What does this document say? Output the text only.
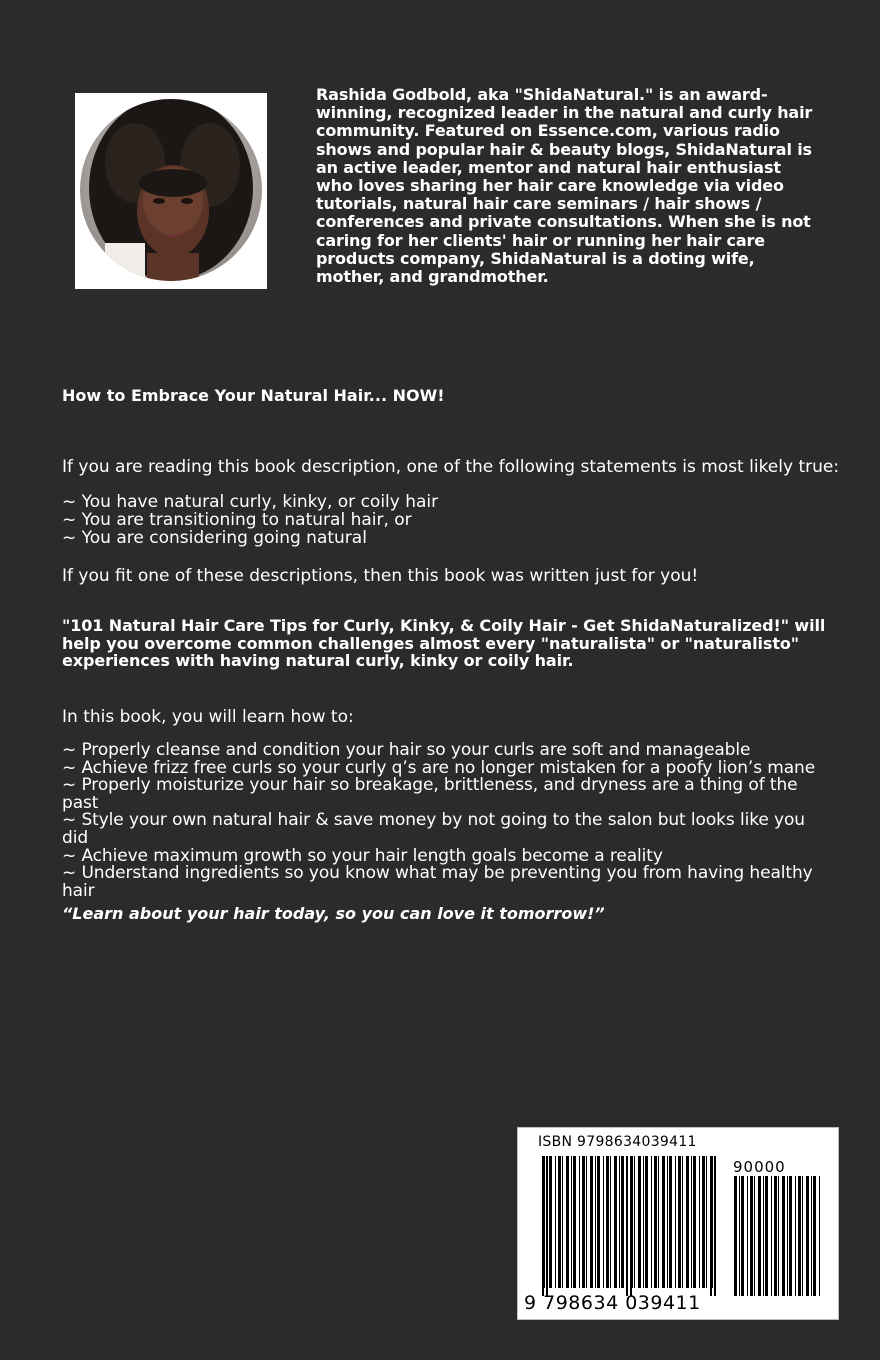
Rashida Godbold, aka "ShidaNatural." is an award-winning, recognized leader in the natural and curly hair community. Featured on Essence.com, various radio shows and popular hair & beauty blogs, ShidaNatural is an active leader, mentor and natural hair enthusiast who loves sharing her hair care knowledge via video tutorials, natural hair care seminars / hair shows / conferences and private consultations. When she is not caring for her clients' hair or running her hair care products company, ShidaNatural is a doting wife, mother, and grandmother.
How to Embrace Your Natural Hair... NOW!
If you are reading this book description, one of the following statements is most likely true:
~ You have natural curly, kinky, or coily hair
~ You are transitioning to natural hair, or
~ You are considering going natural
If you fit one of these descriptions, then this book was written just for you!
"101 Natural Hair Care Tips for Curly, Kinky, & Coily Hair - Get ShidaNaturalized!" will help you overcome common challenges almost every "naturalista" or "naturalisto" experiences with having natural curly, kinky or coily hair.
In this book, you will learn how to:
~ Properly cleanse and condition your hair so your curls are soft and manageable
~ Achieve frizz free curls so your curly q’s are no longer mistaken for a poofy lion’s mane
~ Properly moisturize your hair so breakage, brittleness, and dryness are a thing of the past
~ Style your own natural hair & save money by not going to the salon but looks like you did
~ Achieve maximum growth so your hair length goals become a reality
~ Understand ingredients so you know what may be preventing you from having healthy hair
“Learn about your hair today, so you can love it tomorrow!”
ISBN 9798634039411
90000
9 798634 039411
